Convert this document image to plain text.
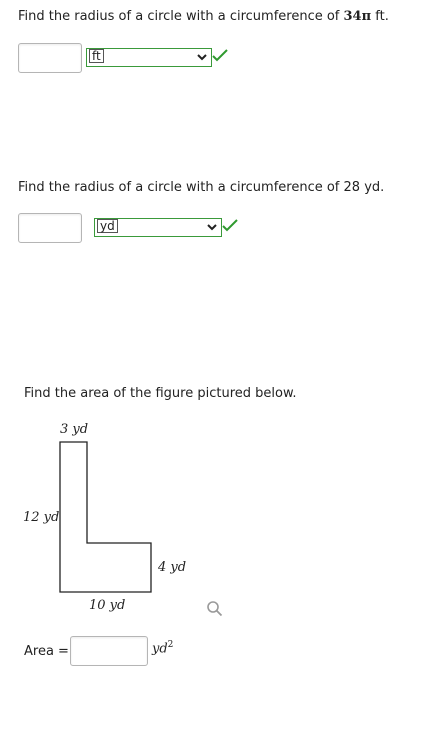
Find the radius of a circle with a circumference of 34π ft.
ft
Find the radius of a circle with a circumference of 28 yd.
yd
Find the area of the figure pictured below.
3 yd
12 yd
4 yd
10 yd
Area =	$yd^2$
